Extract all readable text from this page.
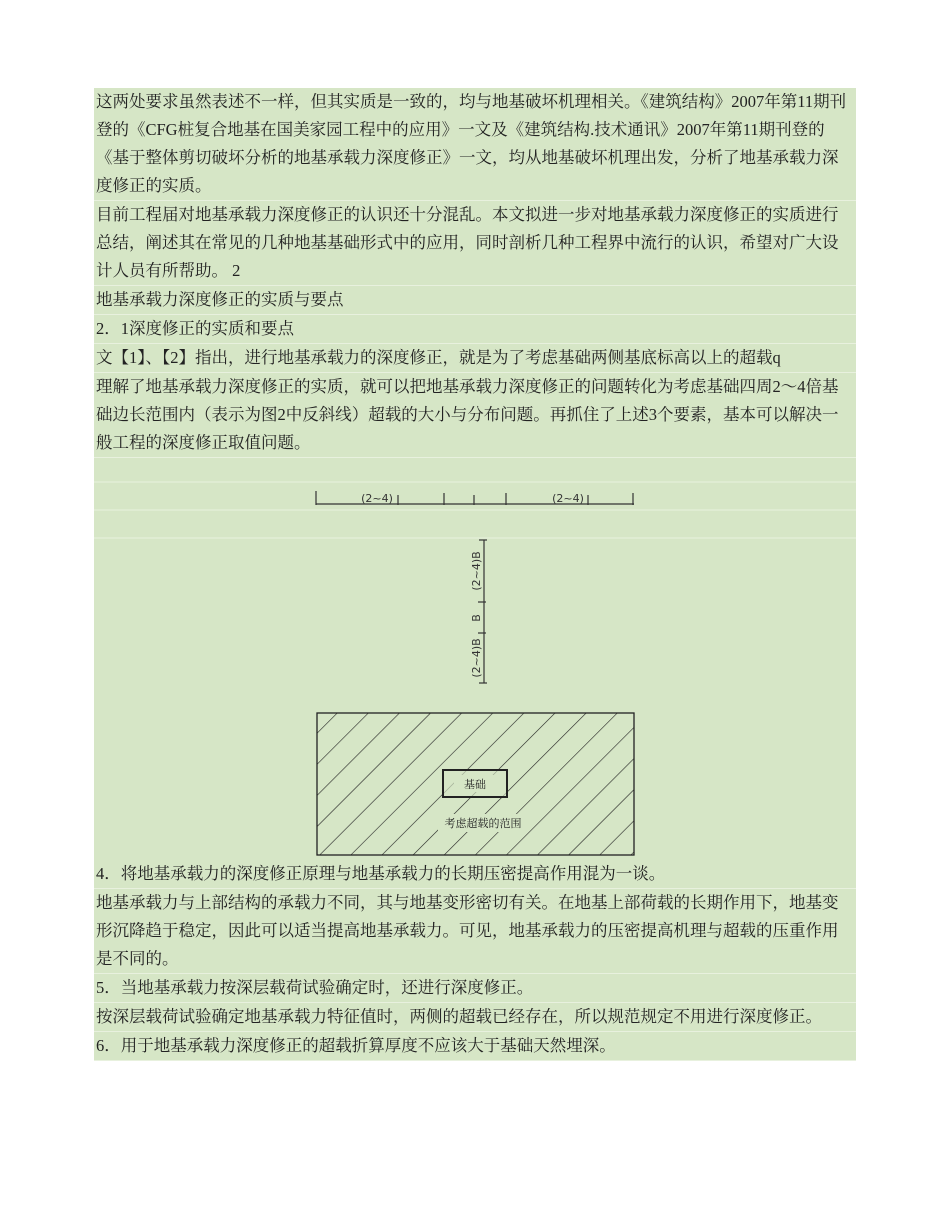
这两处要求虽然表述不一样，但其实质是一致的，均与地基破坏机理相关。《建筑结构》2007年第11期刊登的《CFG桩复合地基在国美家园工程中的应用》一文及《建筑结构.技术通讯》2007年第11期刊登的《基于整体剪切破坏分析的地基承载力深度修正》一文，均从地基破坏机理出发，分析了地基承载力深度修正的实质。
目前工程届对地基承载力深度修正的认识还十分混乱。本文拟进一步对地基承载力深度修正的实质进行总结，阐述其在常见的几种地基基础形式中的应用，同时剖析几种工程界中流行的认识，希望对广大设计人员有所帮助。 2
地基承载力深度修正的实质与要点
2．1深度修正的实质和要点
文【1】、【2】指出，进行地基承载力的深度修正，就是为了考虑基础两侧基底标高以上的超载q
理解了地基承载力深度修正的实质，就可以把地基承载力深度修正的问题转化为考虑基础四周2～4倍基础边长范围内（表示为图2中反斜线）超载的大小与分布问题。再抓住了上述3个要素，基本可以解决一般工程的深度修正取值问题。
(2~4)	(2~4)
(2~4)B
B
(2~4)B
基础
考虑超载的范围
4．将地基承载力的深度修正原理与地基承载力的长期压密提高作用混为一谈。
地基承载力与上部结构的承载力不同，其与地基变形密切有关。在地基上部荷载的长期作用下，地基变形沉降趋于稳定，因此可以适当提高地基承载力。可见，地基承载力的压密提高机理与超载的压重作用是不同的。
5．当地基承载力按深层载荷试验确定时，还进行深度修正。
按深层载荷试验确定地基承载力特征值时，两侧的超载已经存在，所以规范规定不用进行深度修正。
6．用于地基承载力深度修正的超载折算厚度不应该大于基础天然埋深。
